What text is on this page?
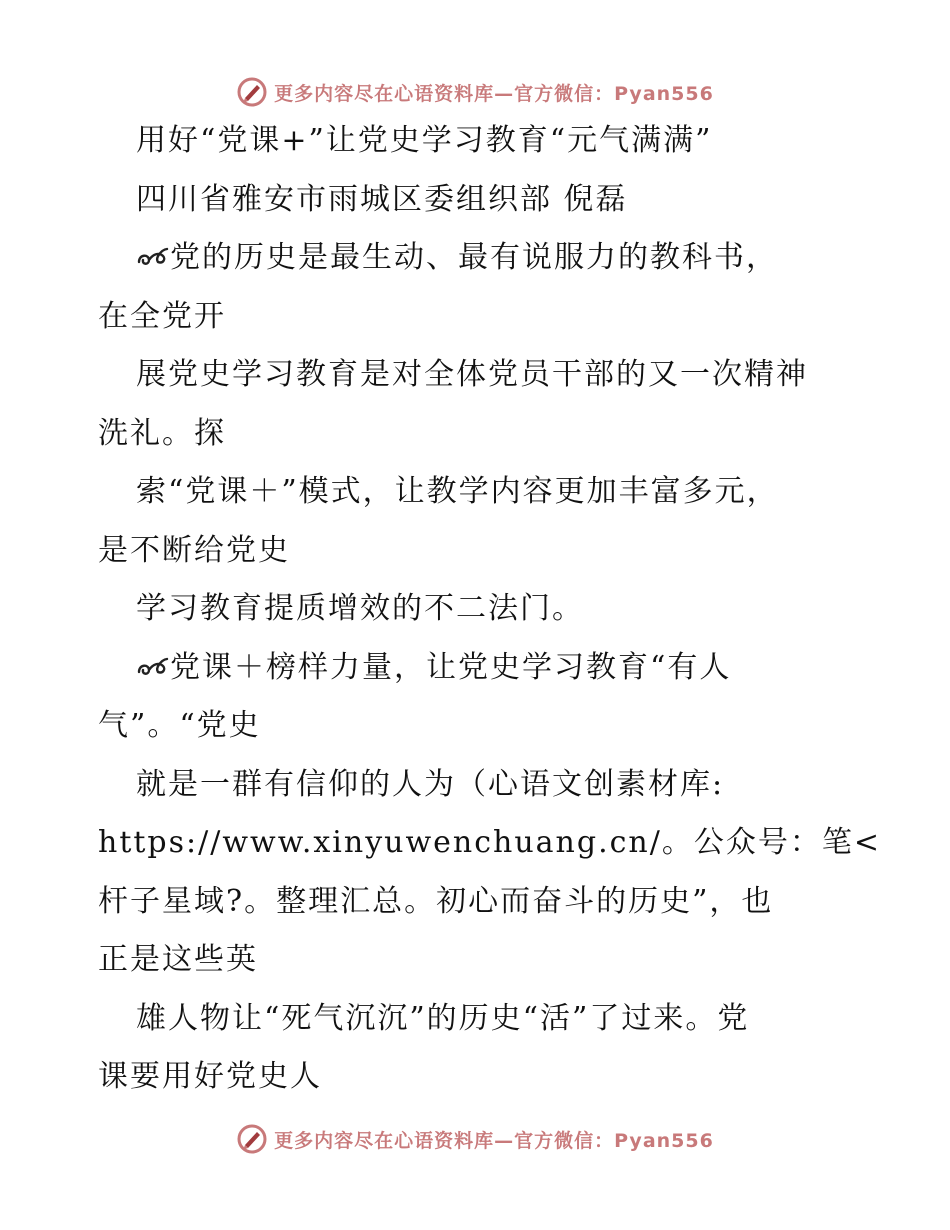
更多内容尽在心语资料库—官方微信：Pyan556
用好“党课+”让党史学习教育“元气满满”
四川省雅安市雨城区委组织部 倪磊
党的历史是最生动、最有说服力的教科书，
在全党开
展党史学习教育是对全体党员干部的又一次精神
洗礼。探
索“党课＋”模式，让教学内容更加丰富多元，
是不断给党史
学习教育提质增效的不二法门。
党课＋榜样力量，让党史学习教育“有人
气”。“党史
就是一群有信仰的人为（心语文创素材库:
https://www.xinyuwenchuang.cn/。公众号：笔<
杆子星域?。整理汇总。初心而奋斗的历史”，也
正是这些英
雄人物让“死气沉沉”的历史“活”了过来。党
课要用好党史人
更多内容尽在心语资料库—官方微信：Pyan556
